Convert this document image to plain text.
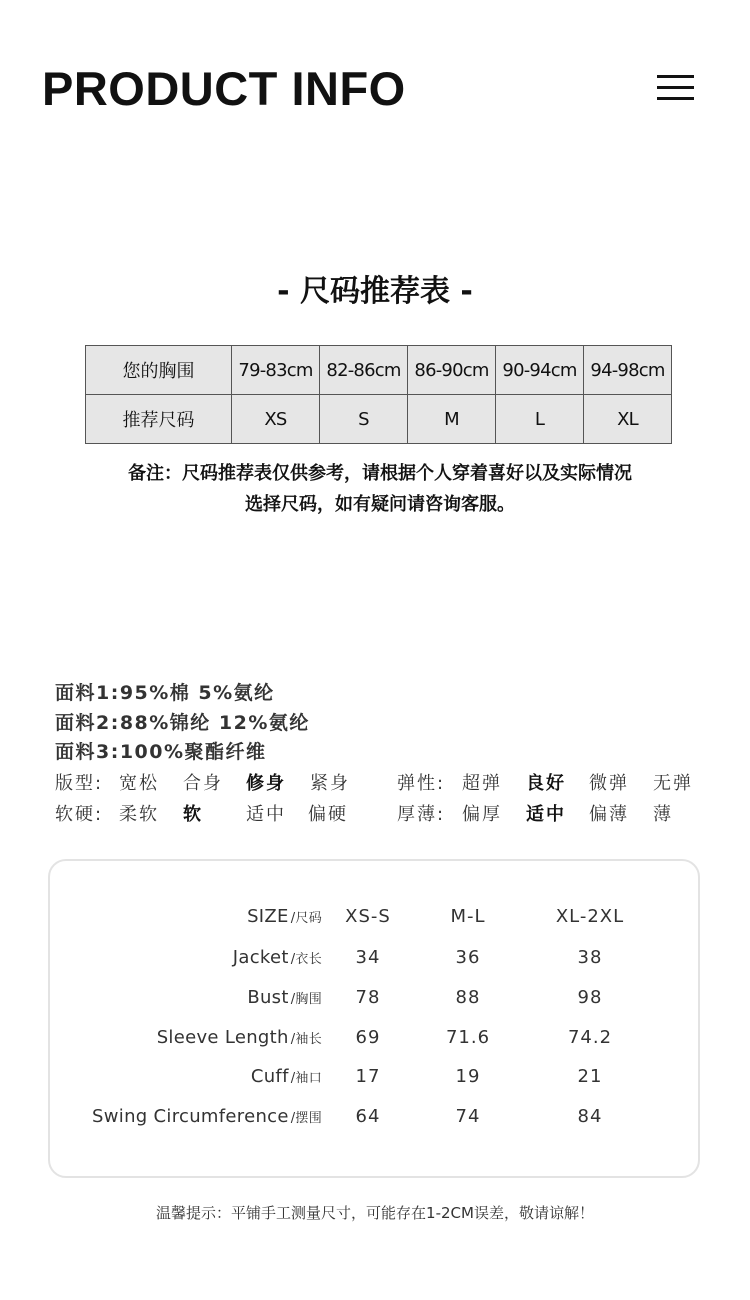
PRODUCT INFO
- 尺码推荐表 -
您的胸围	79-83cm	82-86cm	86-90cm	90-94cm	94-98cm
推荐尺码	XS	S	M	L	XL
备注：尺码推荐表仅供参考，请根据个人穿着喜好以及实际情况
选择尺码，如有疑问请咨询客服。
面料1:95%棉 5%氨纶
面料2:88%锦纶 12%氨纶
面料3:100%聚酯纤维
版型: 宽松 合身 修身 紧身	弹性: 超弹 良好 微弹 无弹
软硬: 柔软 软 适中 偏硬	厚薄: 偏厚 适中 偏薄 薄
SIZE /尺码	XS-S	M-L	XL-2XL
Jacket /衣长	34	36	38
Bust /胸围	78	88	98
Sleeve Length /袖长	69	71.6	74.2
Cuff /袖口	17	19	21
Swing Circumference /摆围	64	74	84
温馨提示：平铺手工测量尺寸，可能存在1-2CM误差，敬请谅解！
